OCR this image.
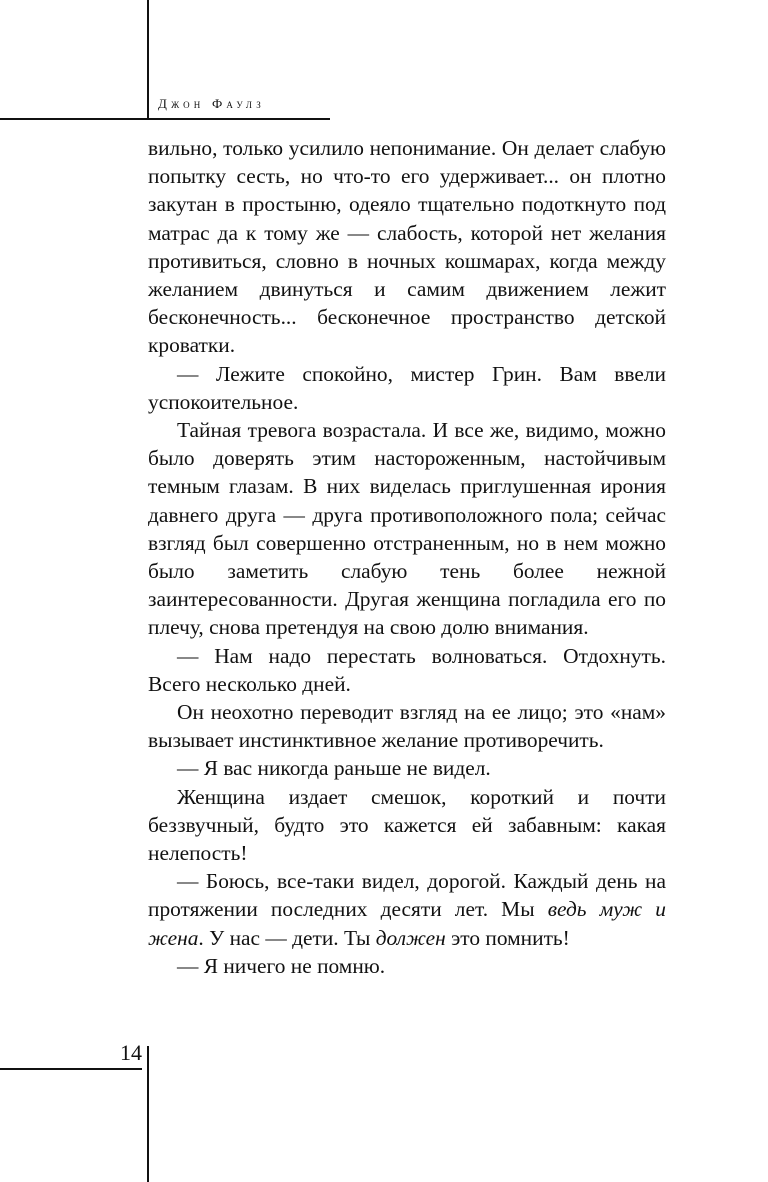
Джон Фаулз

вильно, только усилило непонимание. Он делает слабую попытку сесть, но что-то его удерживает... он плотно закутан в простыню, одеяло тщательно подоткнуто под матрас да к тому же — слабость, которой нет желания противиться, словно в ночных кошмарах, когда между желанием двинуться и самим движением лежит бесконечность... бесконечное пространство детской кроватки.

— Лежите спокойно, мистер Грин. Вам ввели успокоительное.

Тайная тревога возрастала. И все же, видимо, можно было доверять этим настороженным, настойчивым темным глазам. В них виделась приглушенная ирония давнего друга — друга противоположного пола; сейчас взгляд был совершенно отстраненным, но в нем можно было заметить слабую тень более нежной заинтересованности. Другая женщина погладила его по плечу, снова претендуя на свою долю внимания.

— Нам надо перестать волноваться. Отдохнуть. Всего несколько дней.

Он неохотно переводит взгляд на ее лицо; это «нам» вызывает инстинктивное желание противоречить.

— Я вас никогда раньше не видел.

Женщина издает смешок, короткий и почти беззвучный, будто это кажется ей забавным: какая нелепость!

— Боюсь, все-таки видел, дорогой. Каждый день на протяжении последних десяти лет. Мы ведь муж и жена. У нас — дети. Ты должен это помнить!

— Я ничего не помню.

14
